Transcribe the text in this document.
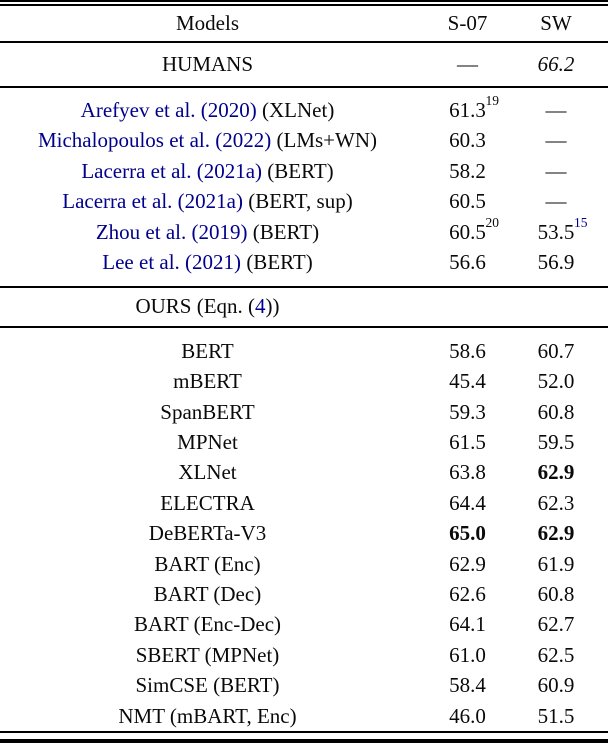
Models	S-07	SW
HUMANS	—	66.2
Arefyev et al. (2020) (XLNet)	61.3 19	—
Michalopoulos et al. (2022) (LMs+WN)	60.3	—
Lacerra et al. (2021a) (BERT)	58.2	—
Lacerra et al. (2021a) (BERT, sup)	60.5	—
Zhou et al. (2019) (BERT)	60.5 20	53.5 15
Lee et al. (2021) (BERT)	56.6	56.9
OURS (Eqn. (4))
BERT	58.6	60.7
mBERT	45.4	52.0
SpanBERT	59.3	60.8
MPNet	61.5	59.5
XLNet	63.8	62.9
ELECTRA	64.4	62.3
DeBERTa-V3	65.0	62.9
BART (Enc)	62.9	61.9
BART (Dec)	62.6	60.8
BART (Enc-Dec)	64.1	62.7
SBERT (MPNet)	61.0	62.5
SimCSE (BERT)	58.4	60.9
NMT (mBART, Enc)	46.0	51.5
